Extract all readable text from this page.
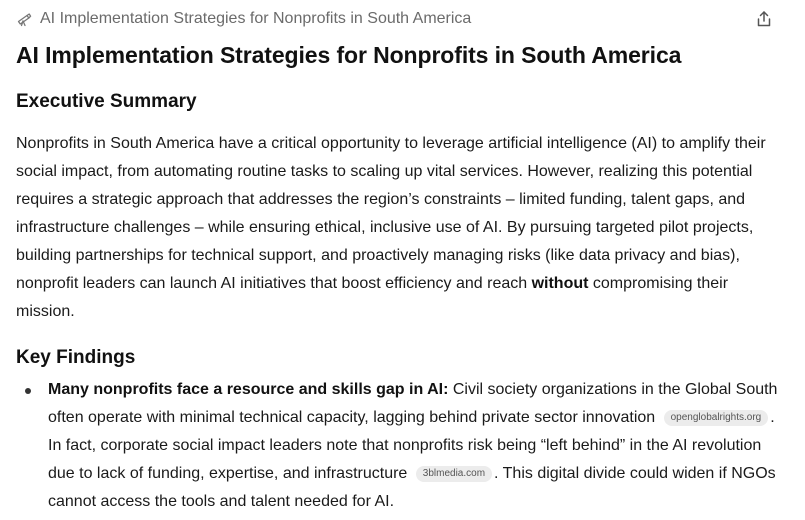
AI Implementation Strategies for Nonprofits in South America
AI Implementation Strategies for Nonprofits in South America
Executive Summary

Nonprofits in South America have a critical opportunity to leverage artificial intelligence (AI) to amplify their social impact, from automating routine tasks to scaling up vital services. However, realizing this potential requires a strategic approach that addresses the region’s constraints – limited funding, talent gaps, and infrastructure challenges – while ensuring ethical, inclusive use of AI. By pursuing targeted pilot projects, building partnerships for technical support, and proactively managing risks (like data privacy and bias), nonprofit leaders can launch AI initiatives that boost efficiency and reach without compromising their mission.

Key Findings
Many nonprofits face a resource and skills gap in AI: Civil society organizations in the Global South often operate with minimal technical capacity, lagging behind private sector innovation openglobalrights.org . In fact, corporate social impact leaders note that nonprofits risk being “left behind” in the AI revolution due to lack of funding, expertise, and infrastructure 3blmedia.com . This digital divide could widen if NGOs cannot access the tools and talent needed for AI.
